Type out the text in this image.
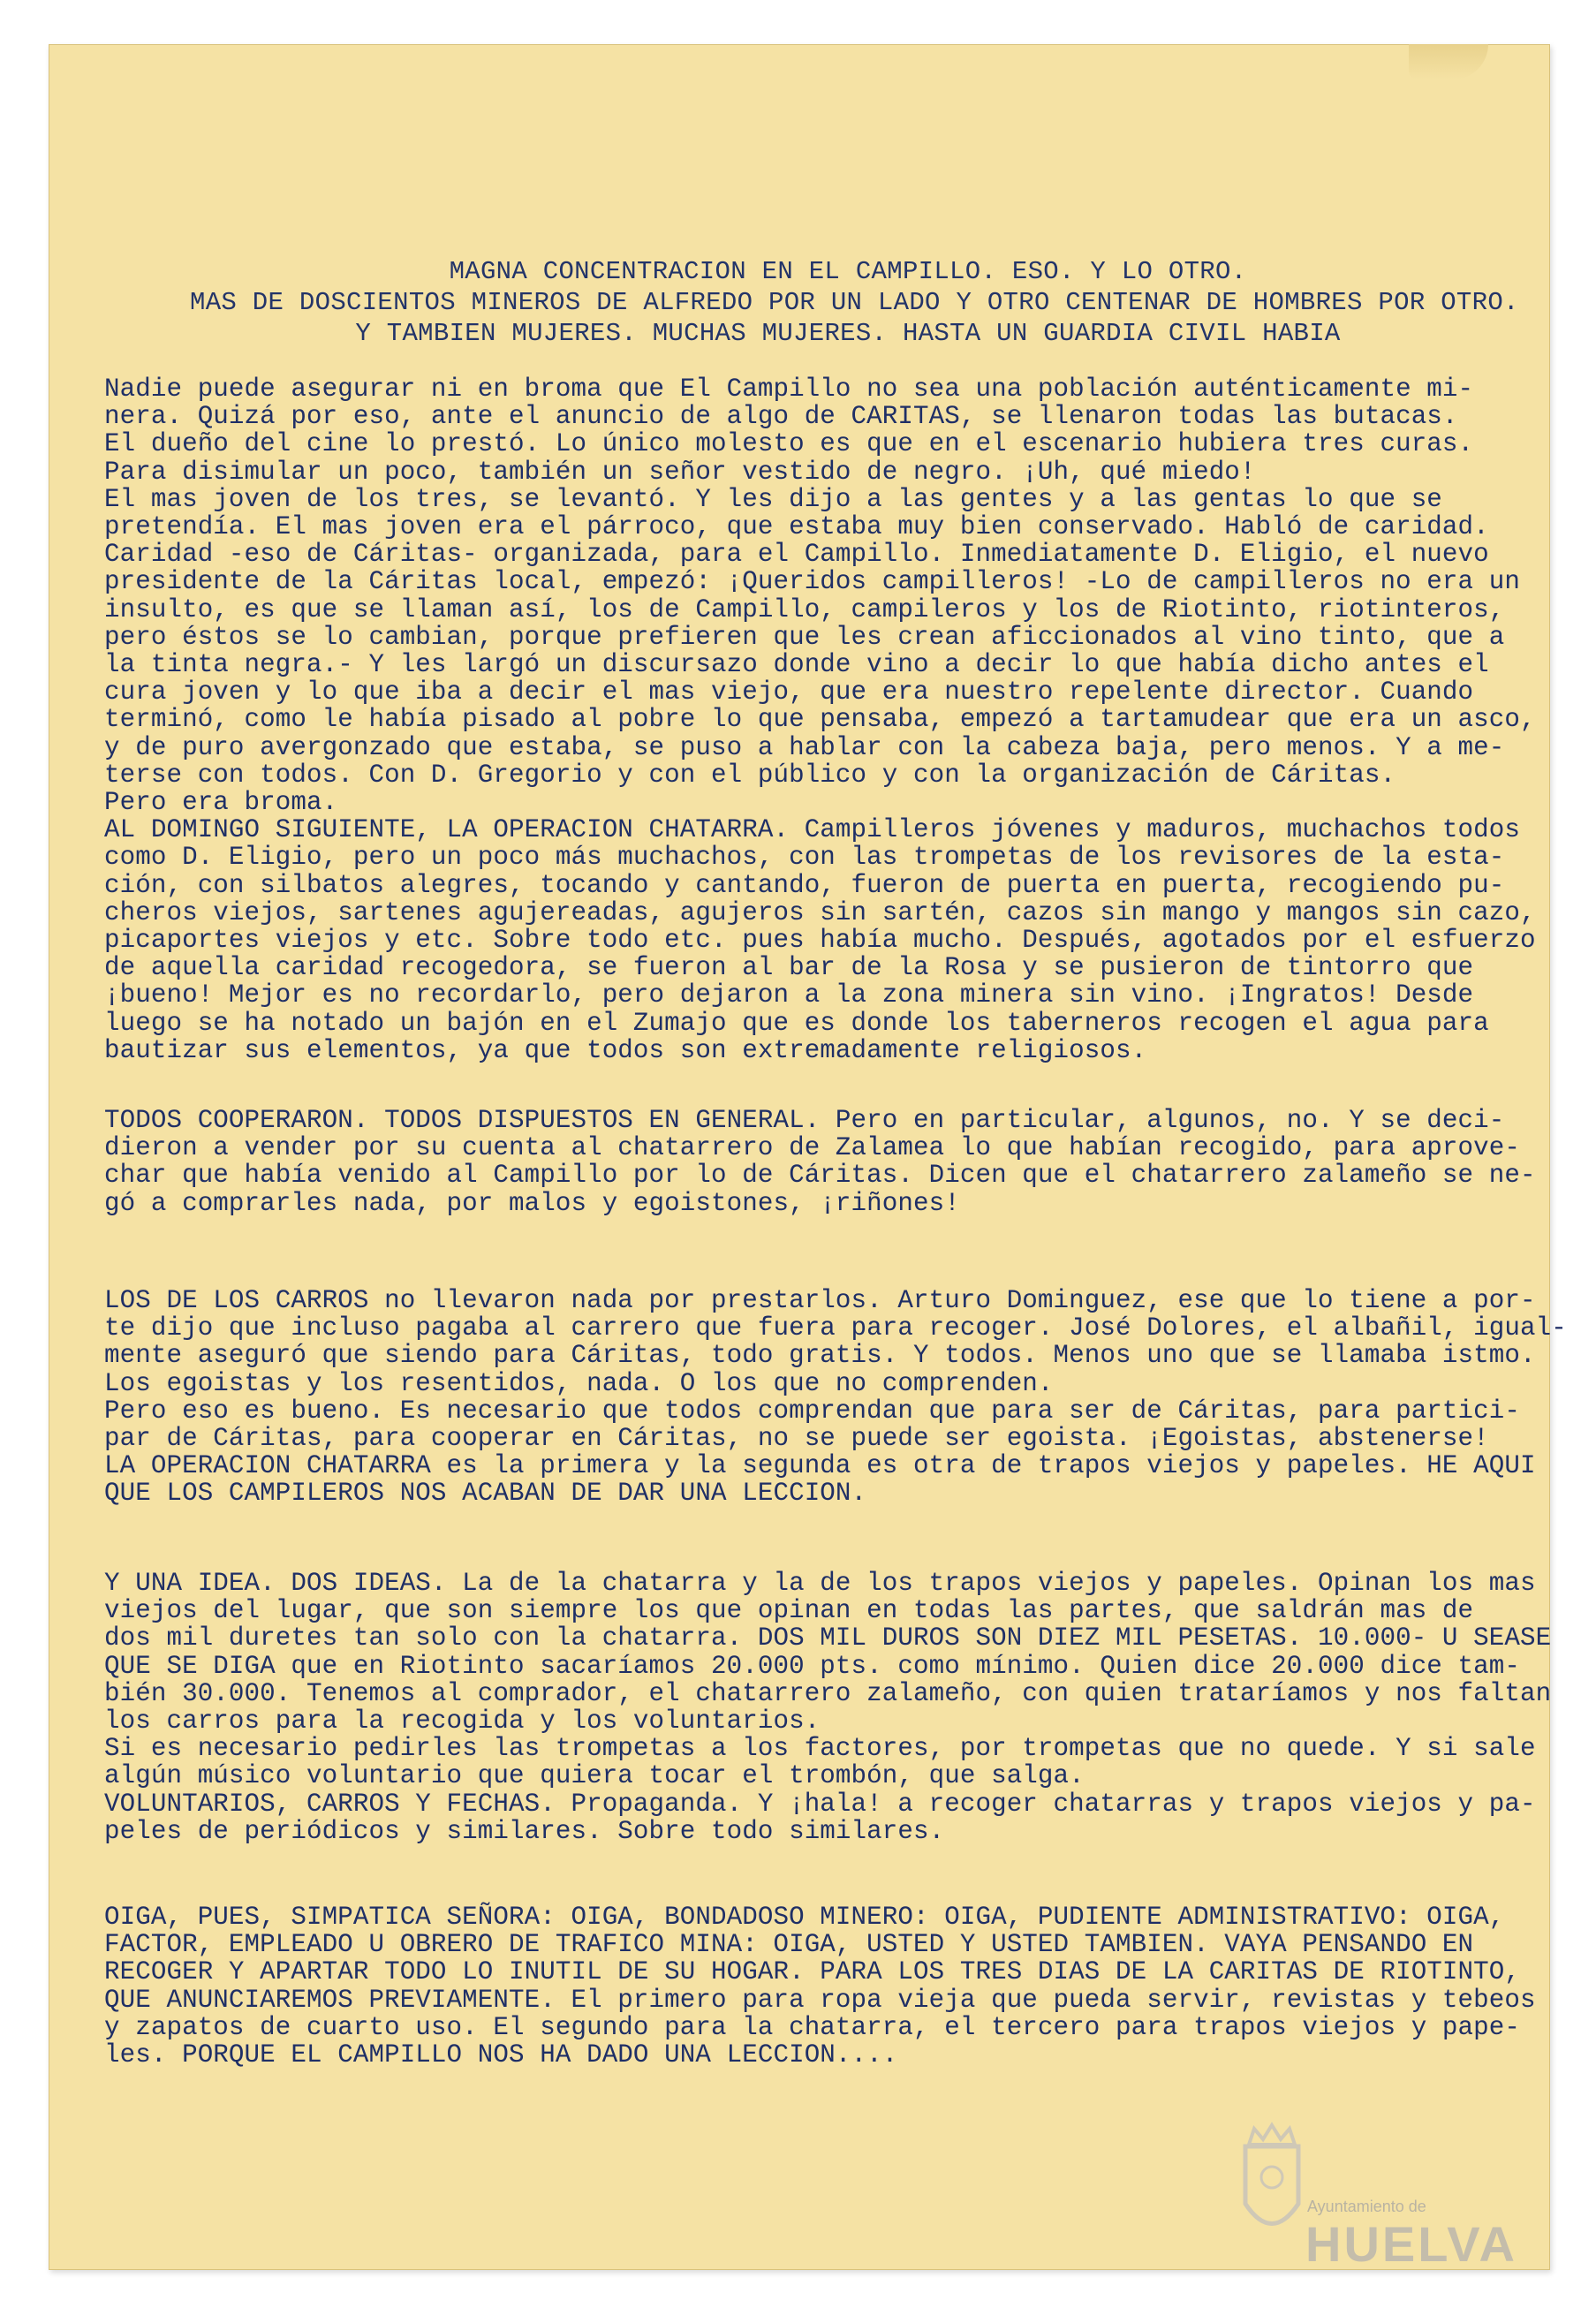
MAGNA CONCENTRACION EN EL CAMPILLO. ESO. Y LO OTRO.
MAS DE DOSCIENTOS MINEROS DE ALFREDO POR UN LADO Y OTRO CENTENAR DE HOMBRES POR OTRO.
Y TAMBIEN MUJERES. MUCHAS MUJERES. HASTA UN GUARDIA CIVIL HABIA
Nadie puede asegurar ni en broma que El Campillo no sea una población auténticamente mi-
nera. Quizá por eso, ante el anuncio de algo de CARITAS, se llenaron todas las butacas.
El dueño del cine lo prestó. Lo único molesto es que en el escenario hubiera tres curas.
Para disimular un poco, también un señor vestido de negro. ¡Uh, qué miedo!
El mas joven de los tres, se levantó. Y les dijo a las gentes y a las gentas lo que se
pretendía. El mas joven era el párroco, que estaba muy bien conservado. Habló de caridad.
Caridad -eso de Cáritas- organizada, para el Campillo. Inmediatamente D. Eligio, el nuevo
presidente de la Cáritas local, empezó: ¡Queridos campilleros! -Lo de campilleros no era un
insulto, es que se llaman así, los de Campillo, campileros y los de Riotinto, riotinteros,
pero éstos se lo cambian, porque prefieren que les crean aficcionados al vino tinto, que a
la tinta negra.- Y les largó un discursazo donde vino a decir lo que había dicho antes el
cura joven y lo que iba a decir el mas viejo, que era nuestro repelente director. Cuando
terminó, como le había pisado al pobre lo que pensaba, empezó a tartamudear que era un asco,
y de puro avergonzado que estaba, se puso a hablar con la cabeza baja, pero menos. Y a me-
terse con todos. Con D. Gregorio y con el público y con la organización de Cáritas.
Pero era broma.
AL DOMINGO SIGUIENTE, LA OPERACION CHATARRA. Campilleros jóvenes y maduros, muchachos todos
como D. Eligio, pero un poco más muchachos, con las trompetas de los revisores de la esta-
ción, con silbatos alegres, tocando y cantando, fueron de puerta en puerta, recogiendo pu-
cheros viejos, sartenes agujereadas, agujeros sin sartén, cazos sin mango y mangos sin cazo,
picaportes viejos y etc. Sobre todo etc. pues había mucho. Después, agotados por el esfuerzo
de aquella caridad recogedora, se fueron al bar de la Rosa y se pusieron de tintorro que
¡bueno! Mejor es no recordarlo, pero dejaron a la zona minera sin vino. ¡Ingratos! Desde
luego se ha notado un bajón en el Zumajo que es donde los taberneros recogen el agua para
bautizar sus elementos, ya que todos son extremadamente religiosos.
TODOS COOPERARON. TODOS DISPUESTOS EN GENERAL. Pero en particular, algunos, no. Y se deci-
dieron a vender por su cuenta al chatarrero de Zalamea lo que habían recogido, para aprove-
char que había venido al Campillo por lo de Cáritas. Dicen que el chatarrero zalameño se ne-
gó a comprarles nada, por malos y egoistones, ¡riñones!
LOS DE LOS CARROS no llevaron nada por prestarlos. Arturo Dominguez, ese que lo tiene a por-
te dijo que incluso pagaba al carrero que fuera para recoger. José Dolores, el albañil, igual-
mente aseguró que siendo para Cáritas, todo gratis. Y todos. Menos uno que se llamaba istmo.
Los egoistas y los resentidos, nada. O los que no comprenden.
Pero eso es bueno. Es necesario que todos comprendan que para ser de Cáritas, para partici-
par de Cáritas, para cooperar en Cáritas, no se puede ser egoista. ¡Egoistas, abstenerse!
LA OPERACION CHATARRA es la primera y la segunda es otra de trapos viejos y papeles. HE AQUI
QUE LOS CAMPILEROS NOS ACABAN DE DAR UNA LECCION.
Y UNA IDEA. DOS IDEAS. La de la chatarra y la de los trapos viejos y papeles. Opinan los mas
viejos del lugar, que son siempre los que opinan en todas las partes, que saldrán mas de
dos mil duretes tan solo con la chatarra. DOS MIL DUROS SON DIEZ MIL PESETAS. 10.000- U SEASE
QUE SE DIGA que en Riotinto sacaríamos 20.000 pts. como mínimo. Quien dice 20.000 dice tam-
bién 30.000. Tenemos al comprador, el chatarrero zalameño, con quien trataríamos y nos faltan
los carros para la recogida y los voluntarios.
Si es necesario pedirles las trompetas a los factores, por trompetas que no quede. Y si sale
algún músico voluntario que quiera tocar el trombón, que salga.
VOLUNTARIOS, CARROS Y FECHAS. Propaganda. Y ¡hala! a recoger chatarras y trapos viejos y pa-
peles de periódicos y similares. Sobre todo similares.
OIGA, PUES, SIMPATICA SEÑORA: OIGA, BONDADOSO MINERO: OIGA, PUDIENTE ADMINISTRATIVO: OIGA,
FACTOR, EMPLEADO U OBRERO DE TRAFICO MINA: OIGA, USTED Y USTED TAMBIEN. VAYA PENSANDO EN
RECOGER Y APARTAR TODO LO INUTIL DE SU HOGAR. PARA LOS TRES DIAS DE LA CARITAS DE RIOTINTO,
QUE ANUNCIAREMOS PREVIAMENTE. El primero para ropa vieja que pueda servir, revistas y tebeos
y zapatos de cuarto uso. El segundo para la chatarra, el tercero para trapos viejos y pape-
les. PORQUE EL CAMPILLO NOS HA DADO UNA LECCION....
Ayuntamiento de
HUELVA
